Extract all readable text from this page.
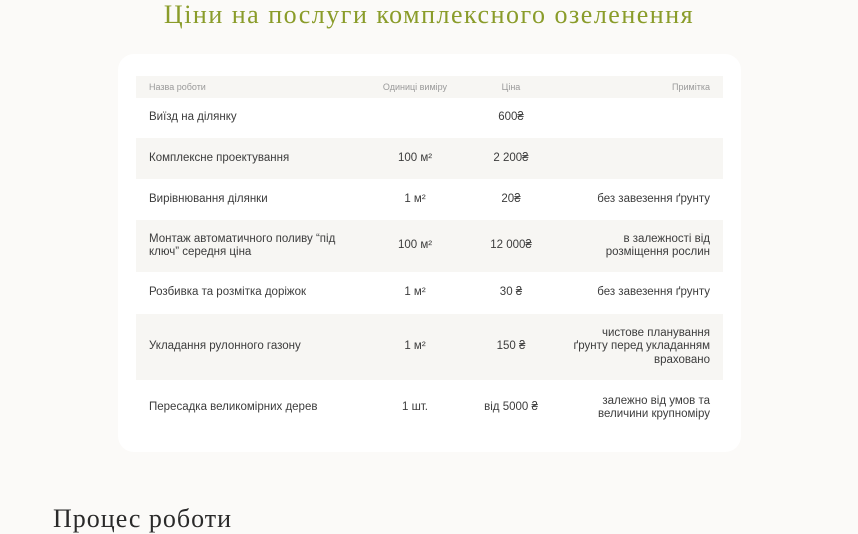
Ціни на послуги комплексного озеленення
Назва роботи	Одиниці виміру	Ціна	Примітка
Виїзд на ділянку		600₴	
Комплексне проектування	100 м²	2 200₴	
Вирівнювання ділянки	1 м²	20₴	без завезення ґрунту
Монтаж автоматичного поливу “під ключ” середня ціна	100 м²	12 000₴	в залежності від розміщення рослин
Розбивка та розмітка доріжок	1 м²	30 ₴	без завезення ґрунту
Укладання рулонного газону	1 м²	150 ₴	чистове планування ґрунту перед укладанням враховано
Пересадка великомірних дерев	1 шт.	від 5000 ₴	залежно від умов та величини крупноміру
Процес роботи
